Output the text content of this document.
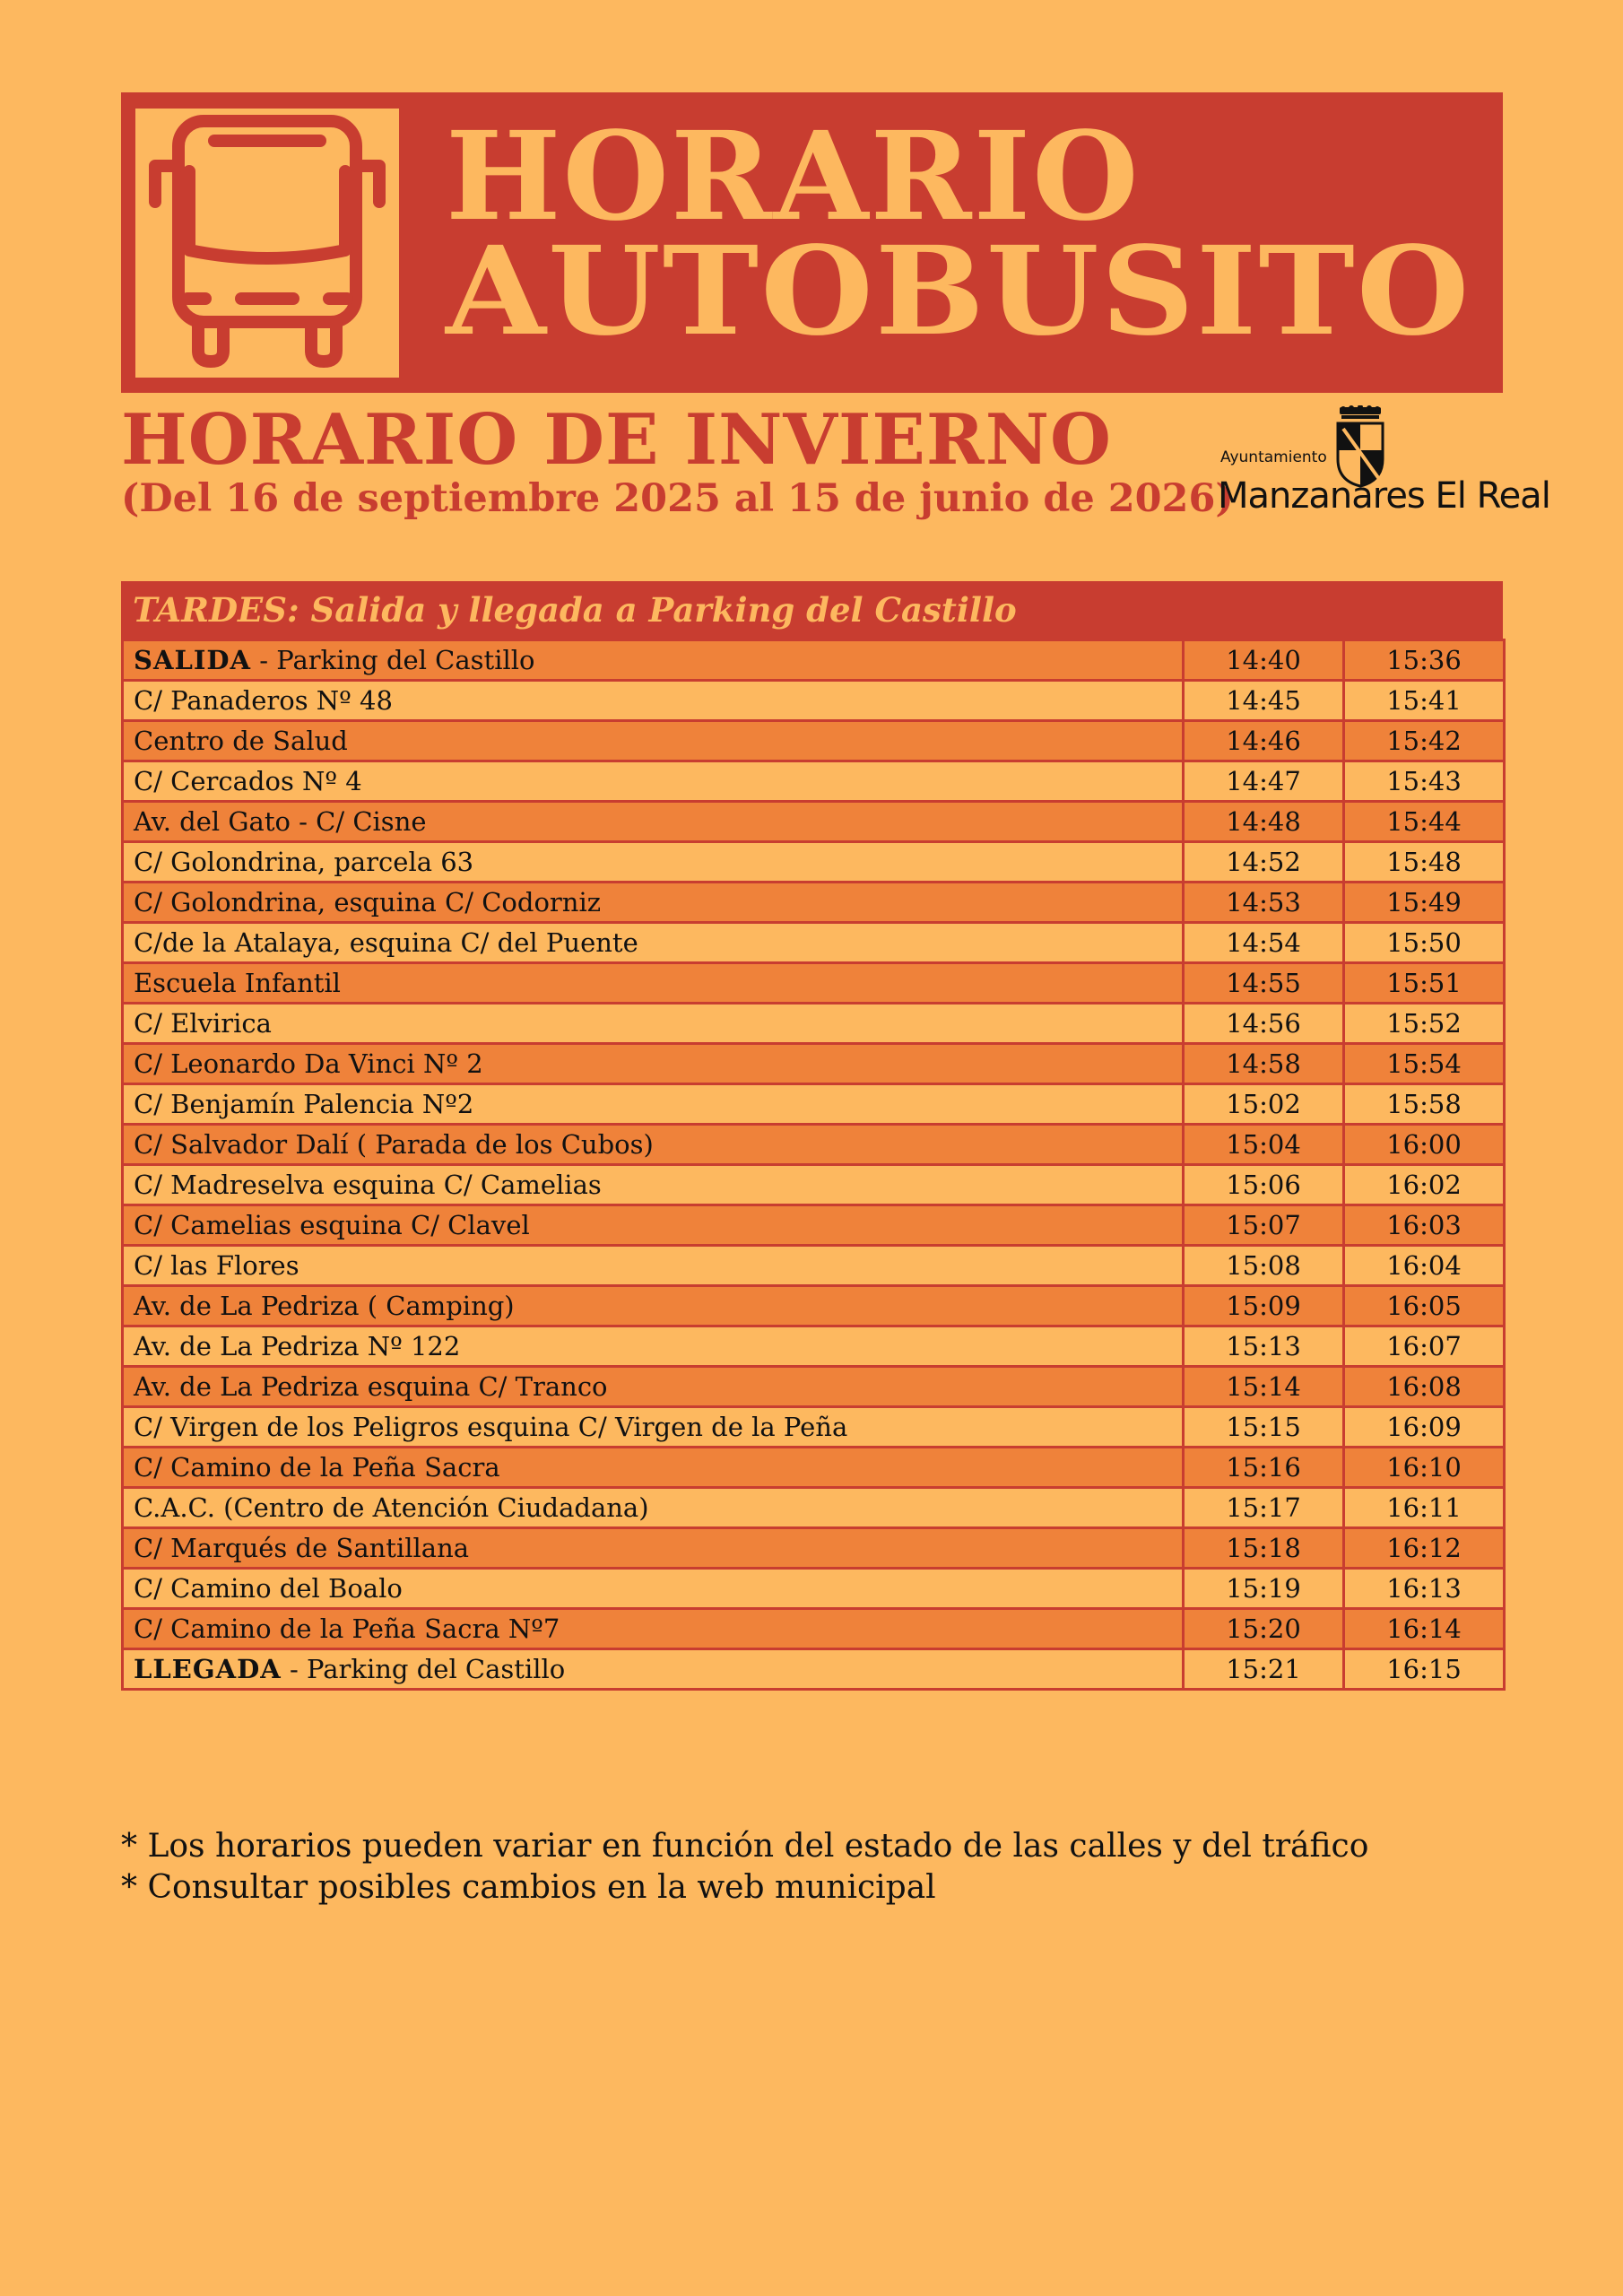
HORARIO
AUTOBUSITO
HORARIO DE INVIERNO
(Del 16 de septiembre 2025 al 15 de junio de 2026)
Ayuntamiento
Manzanares El Real
TARDES: Salida y llegada a Parking del Castillo
SALIDA - Parking del Castillo	14:40	15:36
C/ Panaderos Nº 48	14:45	15:41
Centro de Salud	14:46	15:42
C/ Cercados Nº 4	14:47	15:43
Av. del Gato - C/ Cisne	14:48	15:44
C/ Golondrina, parcela 63	14:52	15:48
C/ Golondrina, esquina C/ Codorniz	14:53	15:49
C/de la Atalaya, esquina C/ del Puente	14:54	15:50
Escuela Infantil	14:55	15:51
C/ Elvirica	14:56	15:52
C/ Leonardo Da Vinci Nº 2	14:58	15:54
C/ Benjamín Palencia Nº2	15:02	15:58
C/ Salvador Dalí ( Parada de los Cubos)	15:04	16:00
C/ Madreselva esquina C/ Camelias	15:06	16:02
C/ Camelias esquina C/ Clavel	15:07	16:03
C/ las Flores	15:08	16:04
Av. de La Pedriza ( Camping)	15:09	16:05
Av. de La Pedriza Nº 122	15:13	16:07
Av. de La Pedriza esquina C/ Tranco	15:14	16:08
C/ Virgen de los Peligros esquina C/ Virgen de la Peña	15:15	16:09
C/ Camino de la Peña Sacra	15:16	16:10
C.A.C. (Centro de Atención Ciudadana)	15:17	16:11
C/ Marqués de Santillana	15:18	16:12
C/ Camino del Boalo	15:19	16:13
C/ Camino de la Peña Sacra Nº7	15:20	16:14
LLEGADA - Parking del Castillo	15:21	16:15
* Los horarios pueden variar en función del estado de las calles y del tráfico
* Consultar posibles cambios en la web municipal
